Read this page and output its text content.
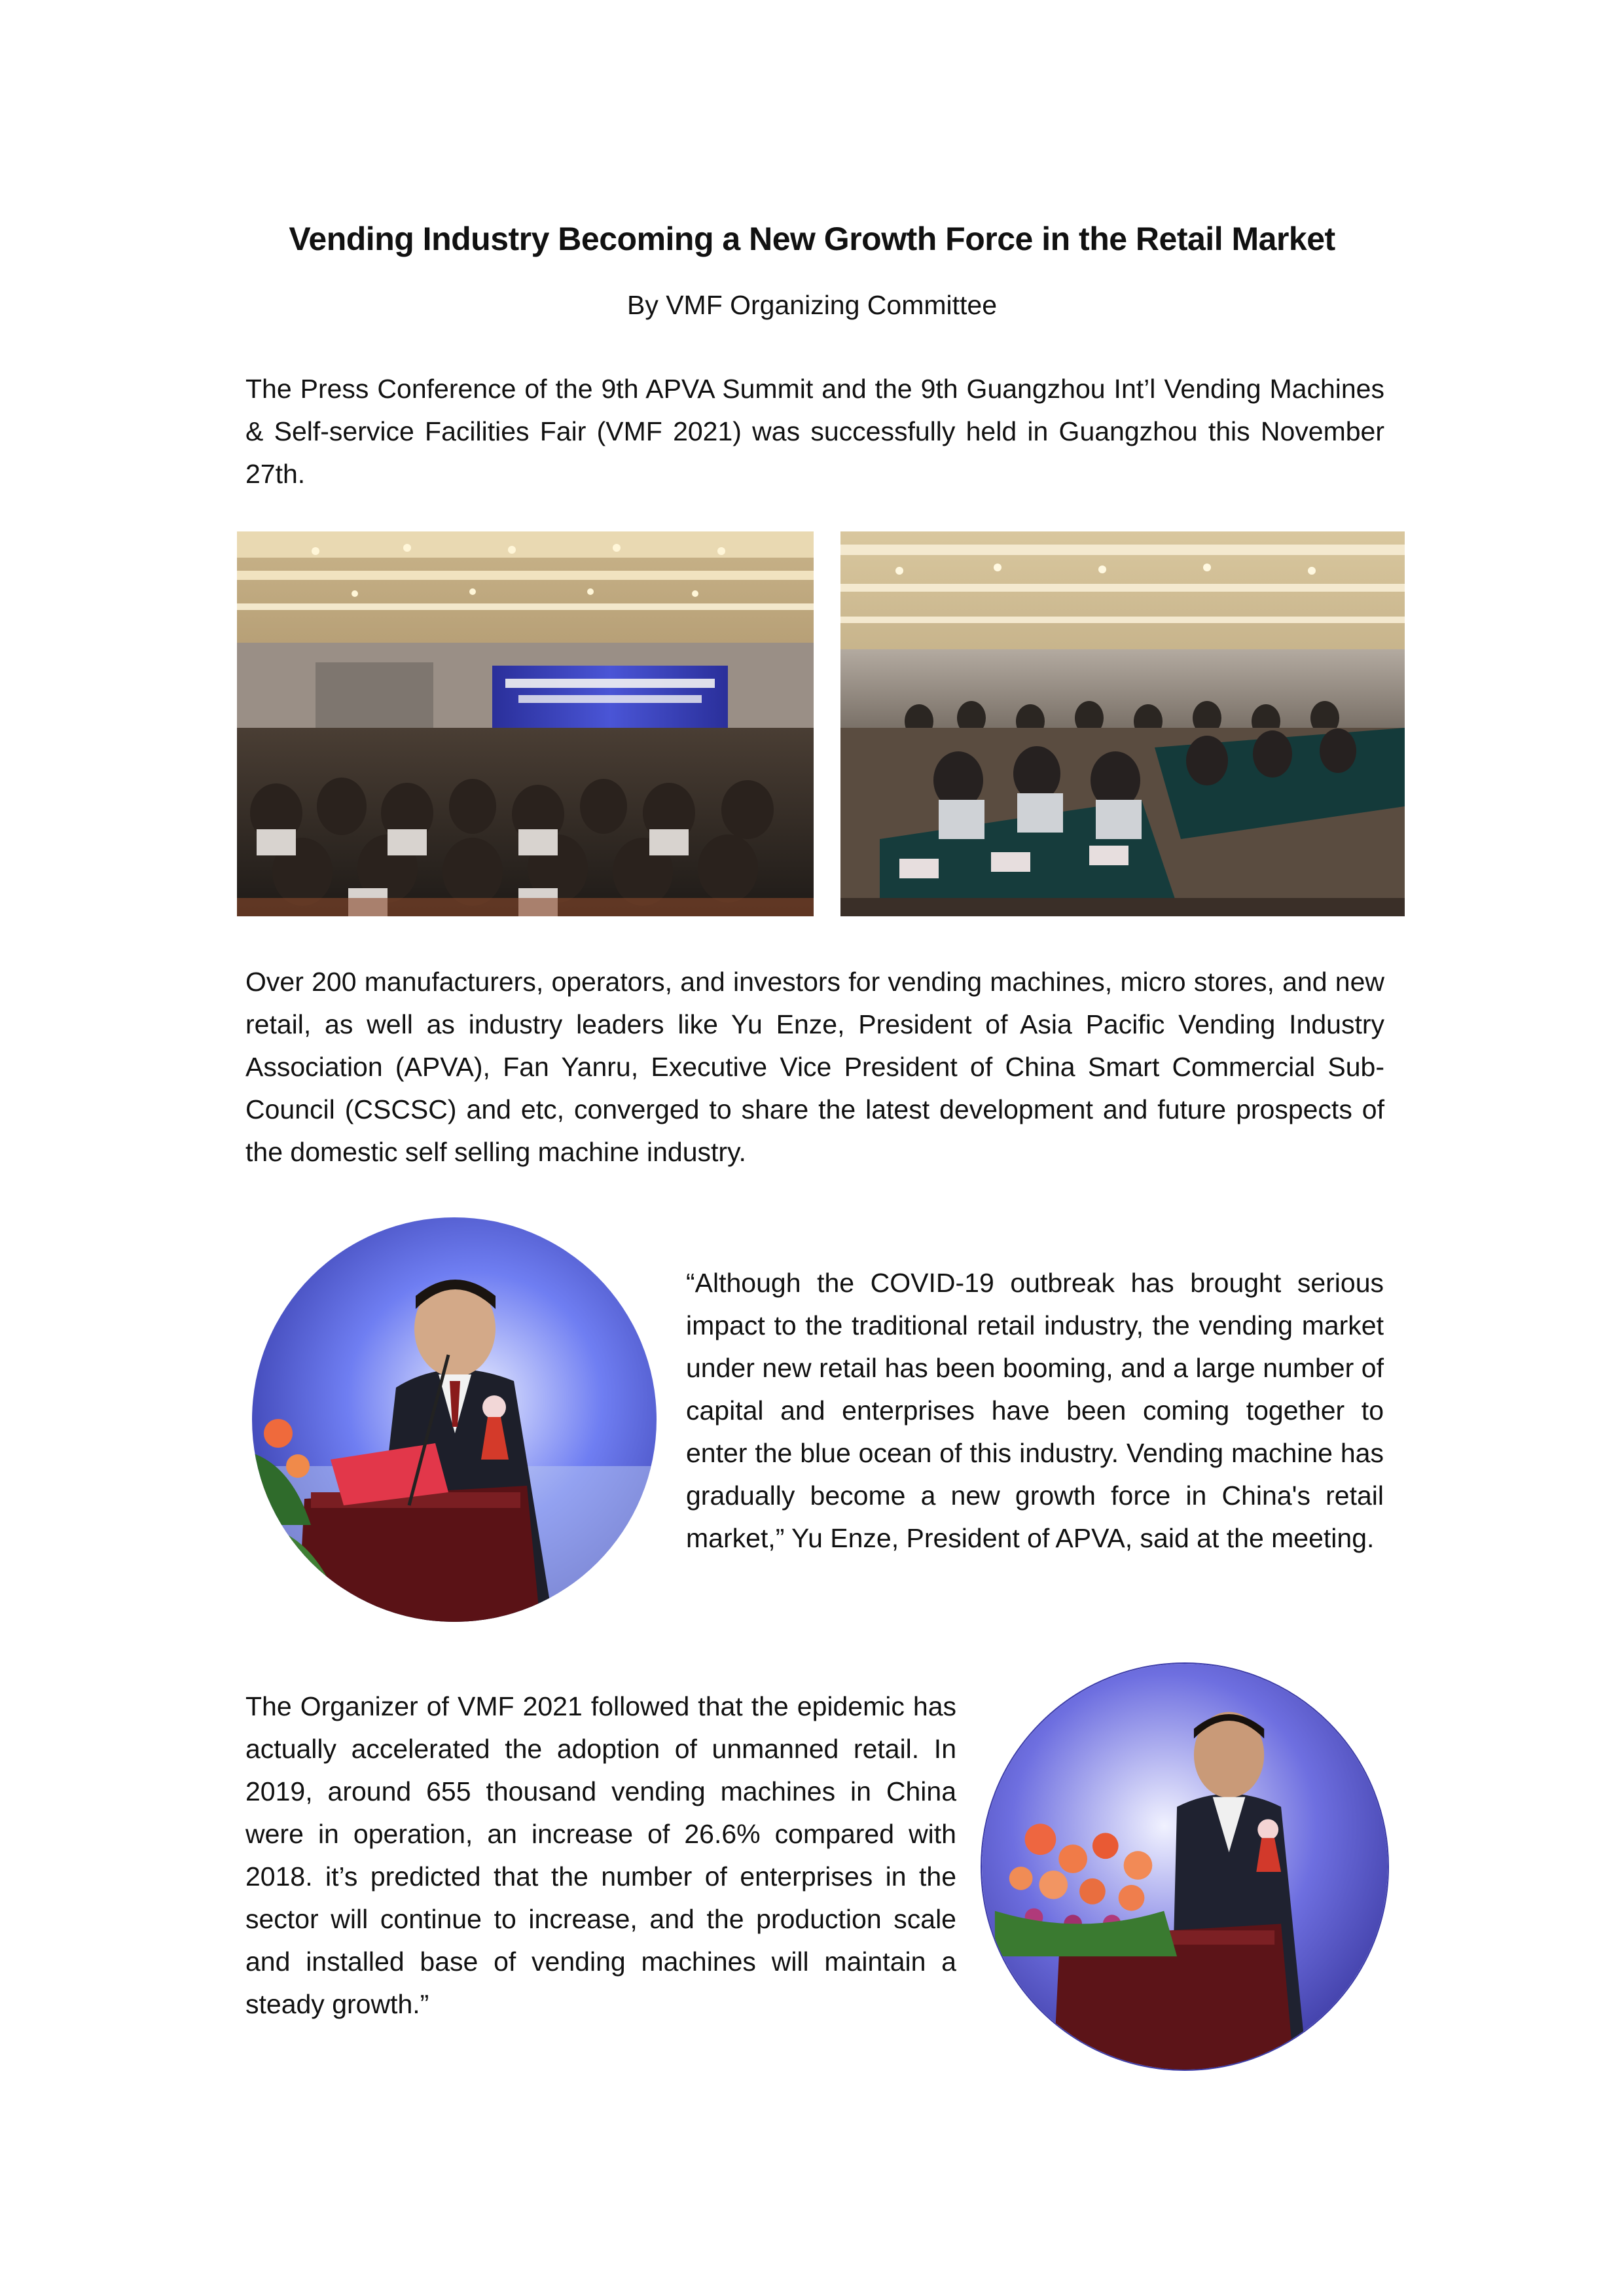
Vending Industry Becoming a New Growth Force in the Retail Market

By VMF Organizing Committee

The Press Conference of the 9th APVA Summit and the 9th Guangzhou Int’l Vending Machines & Self-service Facilities Fair (VMF 2021) was successfully held in Guangzhou this November 27th.

Over 200 manufacturers, operators, and investors for vending machines, micro stores, and new retail, as well as industry leaders like Yu Enze, President of Asia Pacific Vending Industry Association (APVA), Fan Yanru, Executive Vice President of China Smart Commercial Sub-Council (CSCSC) and etc, converged to share the latest development and future prospects of the domestic self selling machine industry.

“Although the COVID-19 outbreak has brought serious impact to the traditional retail industry, the vending market under new retail has been booming, and a large number of capital and enterprises have been coming together to enter the blue ocean of this industry. Vending machine has gradually become a new growth force in China's retail market,” Yu Enze, President of APVA, said at the meeting.

The Organizer of VMF 2021 followed that the epidemic has actually accelerated the adoption of unmanned retail. In 2019, around 655 thousand vending machines in China were in operation, an increase of 26.6% compared with 2018. it’s predicted that the number of enterprises in the sector will continue to increase, and the production scale and installed base of vending machines will maintain a steady growth.”
